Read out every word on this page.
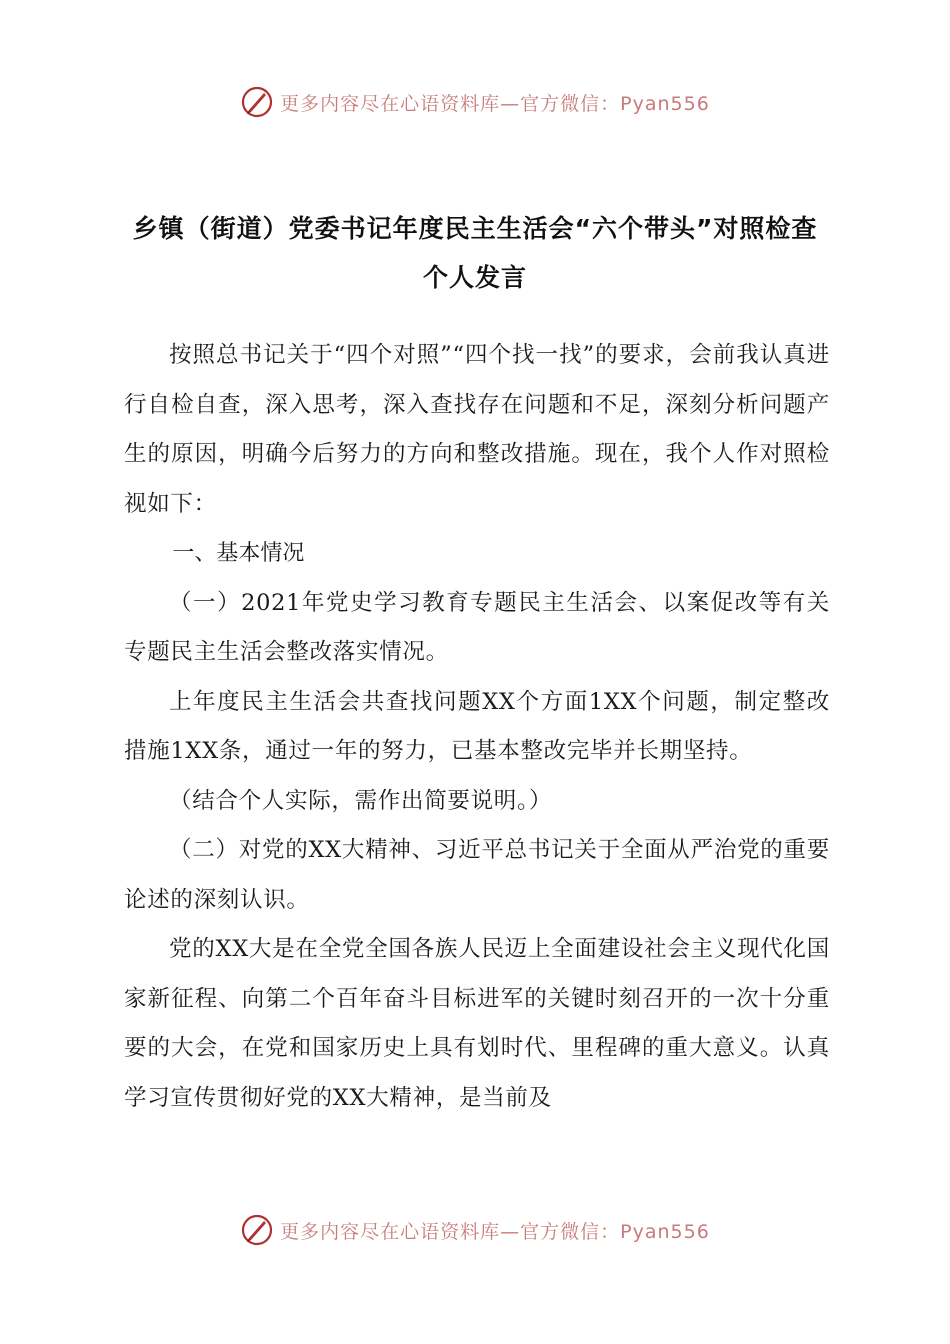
更多内容尽在心语资料库—官方微信：Pyan556
乡镇（街道）党委书记年度民主生活会“六个带头”对照检查
个人发言

按照总书记关于“四个对照”“四个找一找”的要求，会前我认真进行自检自查，深入思考，深入查找存在问题和不足，深刻分析问题产生的原因，明确今后努力的方向和整改措施。现在，我个人作对照检视如下：

一、基本情况

（一）2021年党史学习教育专题民主生活会、以案促改等有关专题民主生活会整改落实情况。

上年度民主生活会共查找问题XX个方面1XX个问题，制定整改措施1XX条，通过一年的努力，已基本整改完毕并长期坚持。

（结合个人实际，需作出简要说明。）

（二）对党的XX大精神、习近平总书记关于全面从严治党的重要论述的深刻认识。

党的XX大是在全党全国各族人民迈上全面建设社会主义现代化国家新征程、向第二个百年奋斗目标进军的关键时刻召开的一次十分重要的大会，在党和国家历史上具有划时代、里程碑的重大意义。认真学习宣传贯彻好党的XX大精神，是当前及

更多内容尽在心语资料库—官方微信：Pyan556
